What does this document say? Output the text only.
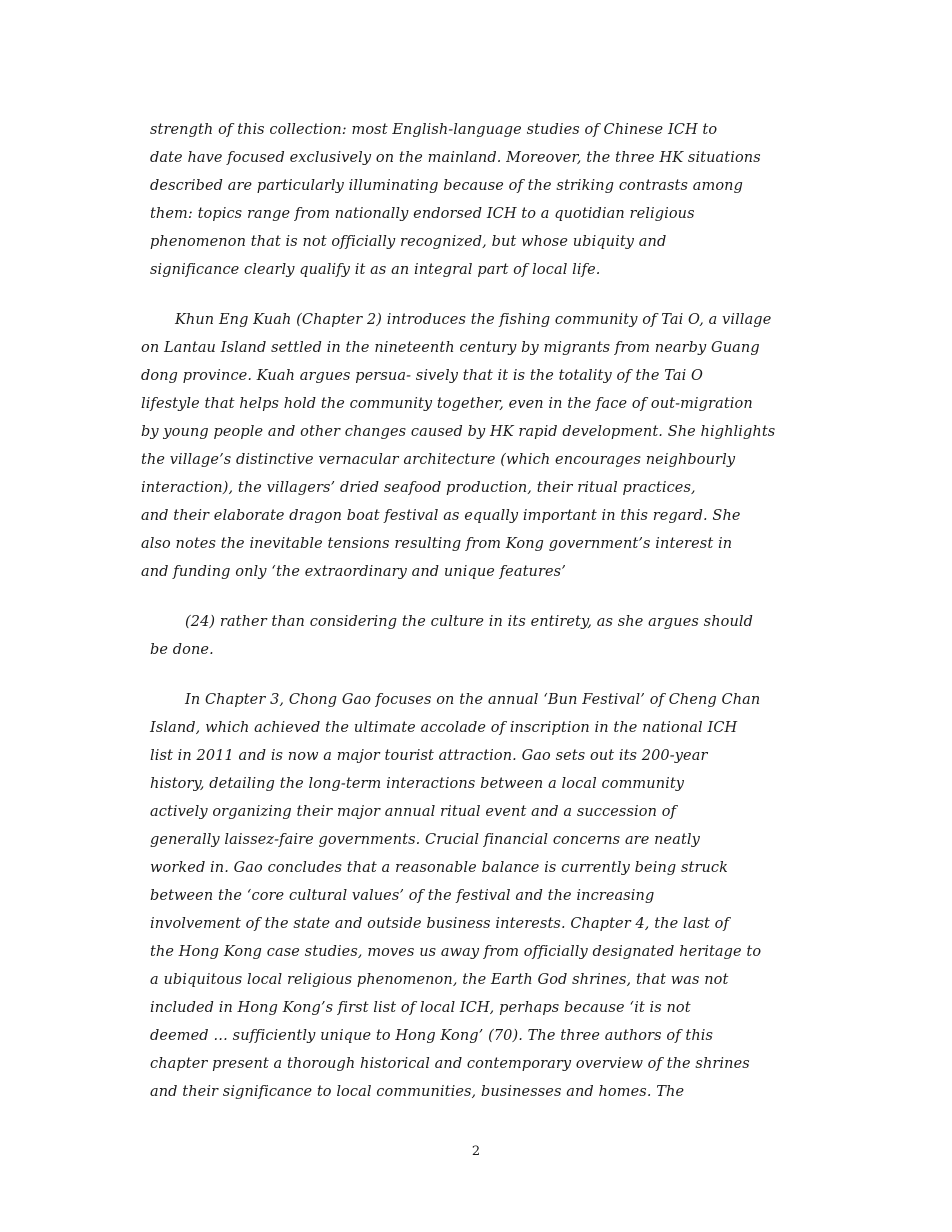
strength of this collection: most English-language studies of Chinese ICH to
date have focused exclusively on the mainland. Moreover, the three HK situations
described are particularly illuminating because of the striking contrasts among
them: topics range from nationally endorsed ICH to a quotidian religious
phenomenon that is not officially recognized, but whose ubiquity and
significance clearly qualify it as an integral part of local life.
Khun Eng Kuah (Chapter 2) introduces the fishing community of Tai O, a village
on Lantau Island settled in the nineteenth century by migrants from nearby Guang
dong province. Kuah argues persua- sively that it is the totality of the Tai O
lifestyle that helps hold the community together, even in the face of out-migration
by young people and other changes caused by HK rapid development. She highlights
the village’s distinctive vernacular architecture (which encourages neighbourly
interaction), the villagers’ dried seafood production, their ritual practices,
and their elaborate dragon boat festival as equally important in this regard. She
also notes the inevitable tensions resulting from Kong government’s interest in
and funding only ‘the extraordinary and unique features’
(24) rather than considering the culture in its entirety, as she argues should
be done.
In Chapter 3, Chong Gao focuses on the annual ‘Bun Festival’ of Cheng Chan
Island, which achieved the ultimate accolade of inscription in the national ICH
list in 2011 and is now a major tourist attraction. Gao sets out its 200-year
history, detailing the long-term interactions between a local community
actively organizing their major annual ritual event and a succession of
generally laissez-faire governments. Crucial financial concerns are neatly
worked in. Gao concludes that a reasonable balance is currently being struck
between the ‘core cultural values’ of the festival and the increasing
involvement of the state and outside business interests. Chapter 4, the last of
the Hong Kong case studies, moves us away from officially designated heritage to
a ubiquitous local religious phenomenon, the Earth God shrines, that was not
included in Hong Kong’s first list of local ICH, perhaps because ‘it is not
deemed … sufficiently unique to Hong Kong’ (70). The three authors of this
chapter present a thorough historical and contemporary overview of the shrines
and their significance to local communities, businesses and homes. The
2
